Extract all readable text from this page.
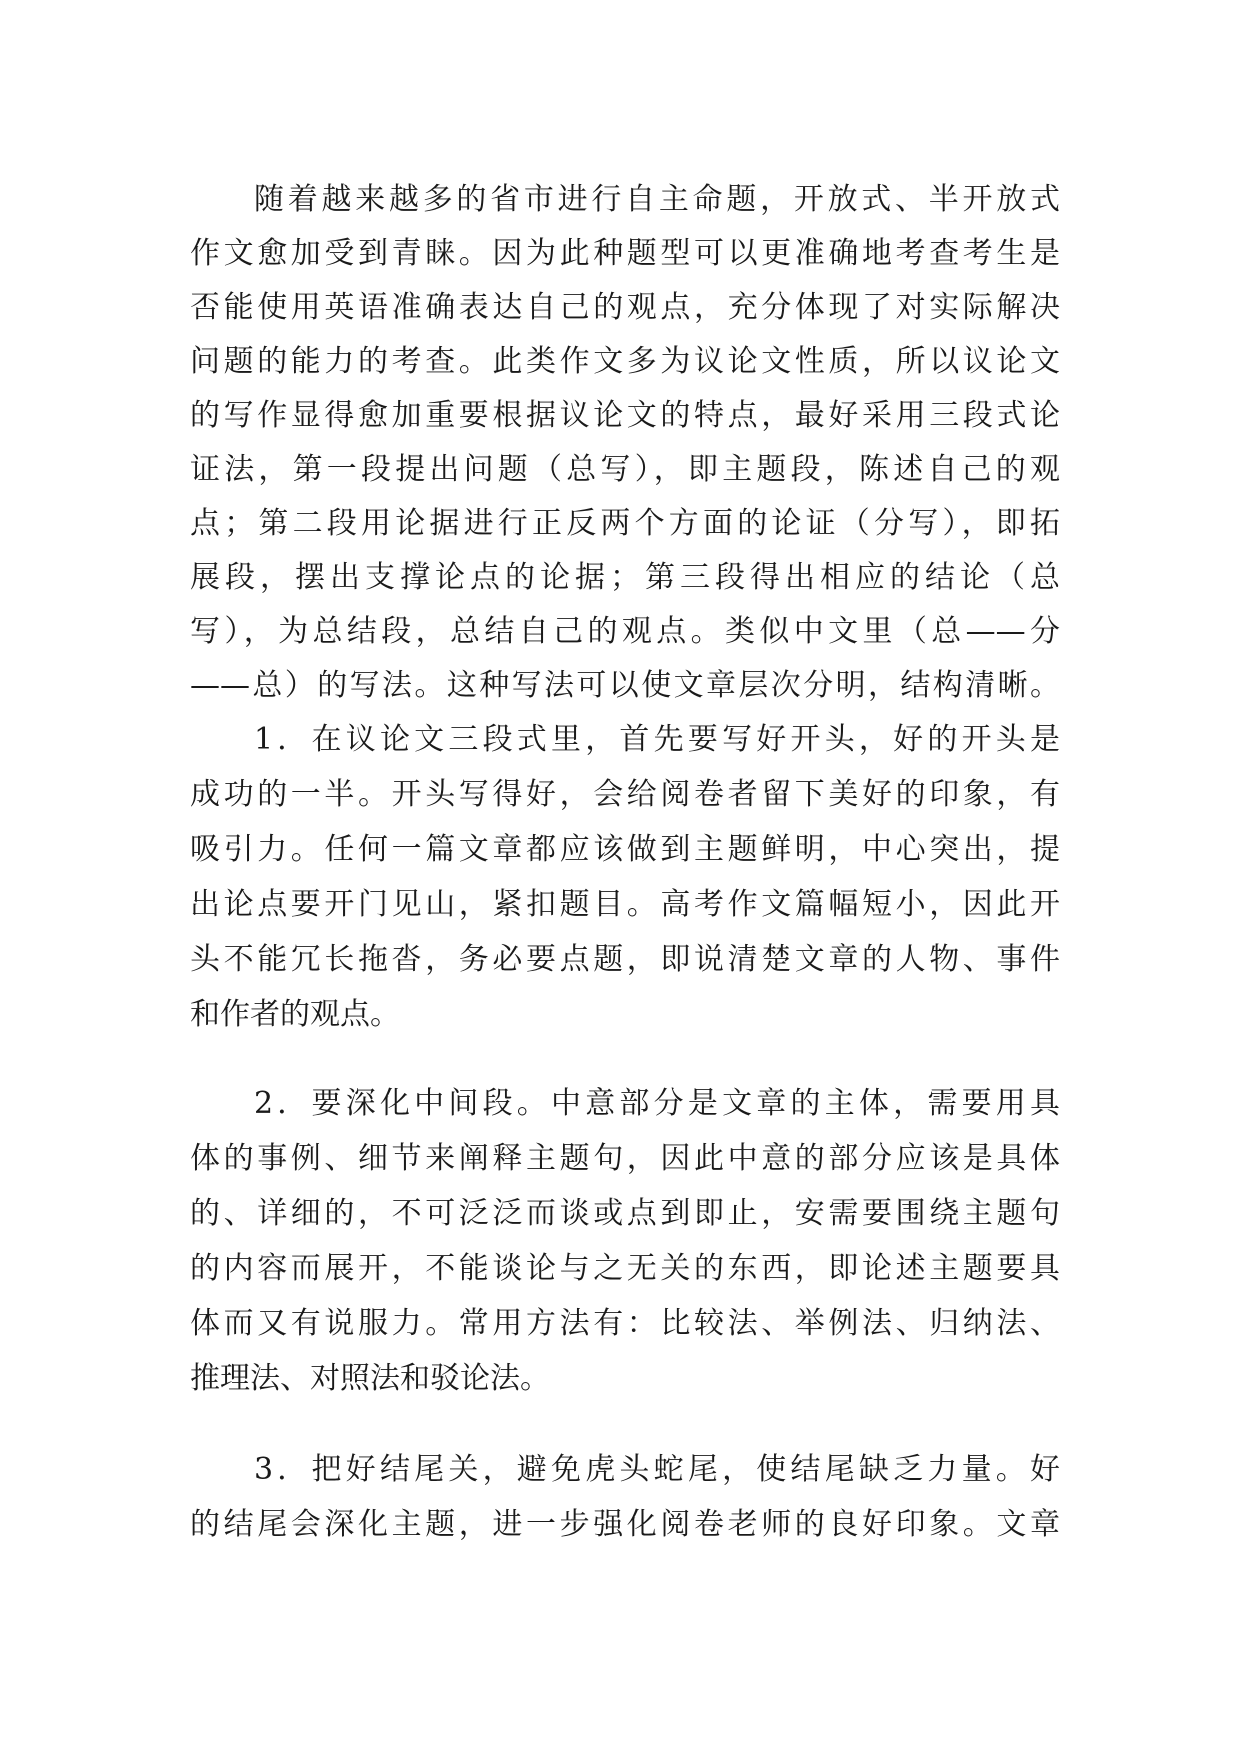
随着越来越多的省市进行自主命题，开放式、半开放式
作文愈加受到青睐。因为此种题型可以更准确地考查考生是
否能使用英语准确表达自己的观点，充分体现了对实际解决
问题的能力的考查。此类作文多为议论文性质，所以议论文
的写作显得愈加重要根据议论文的特点，最好采用三段式论
证法，第一段提出问题（总写），即主题段，陈述自己的观
点；第二段用论据进行正反两个方面的论证（分写），即拓
展段，摆出支撑论点的论据；第三段得出相应的结论（总
写），为总结段，总结自己的观点。类似中文里（总——分
——总）的写法。这种写法可以使文章层次分明，结构清晰。
1．在议论文三段式里，首先要写好开头，好的开头是
成功的一半。开头写得好，会给阅卷者留下美好的印象，有
吸引力。任何一篇文章都应该做到主题鲜明，中心突出，提
出论点要开门见山，紧扣题目。高考作文篇幅短小，因此开
头不能冗长拖沓，务必要点题，即说清楚文章的人物、事件
和作者的观点。
2．要深化中间段。中意部分是文章的主体，需要用具
体的事例、细节来阐释主题句，因此中意的部分应该是具体
的、详细的，不可泛泛而谈或点到即止，安需要围绕主题句
的内容而展开，不能谈论与之无关的东西，即论述主题要具
体而又有说服力。常用方法有：比较法、举例法、归纳法、
推理法、对照法和驳论法。
3．把好结尾关，避免虎头蛇尾，使结尾缺乏力量。好
的结尾会深化主题，进一步强化阅卷老师的良好印象。文章
